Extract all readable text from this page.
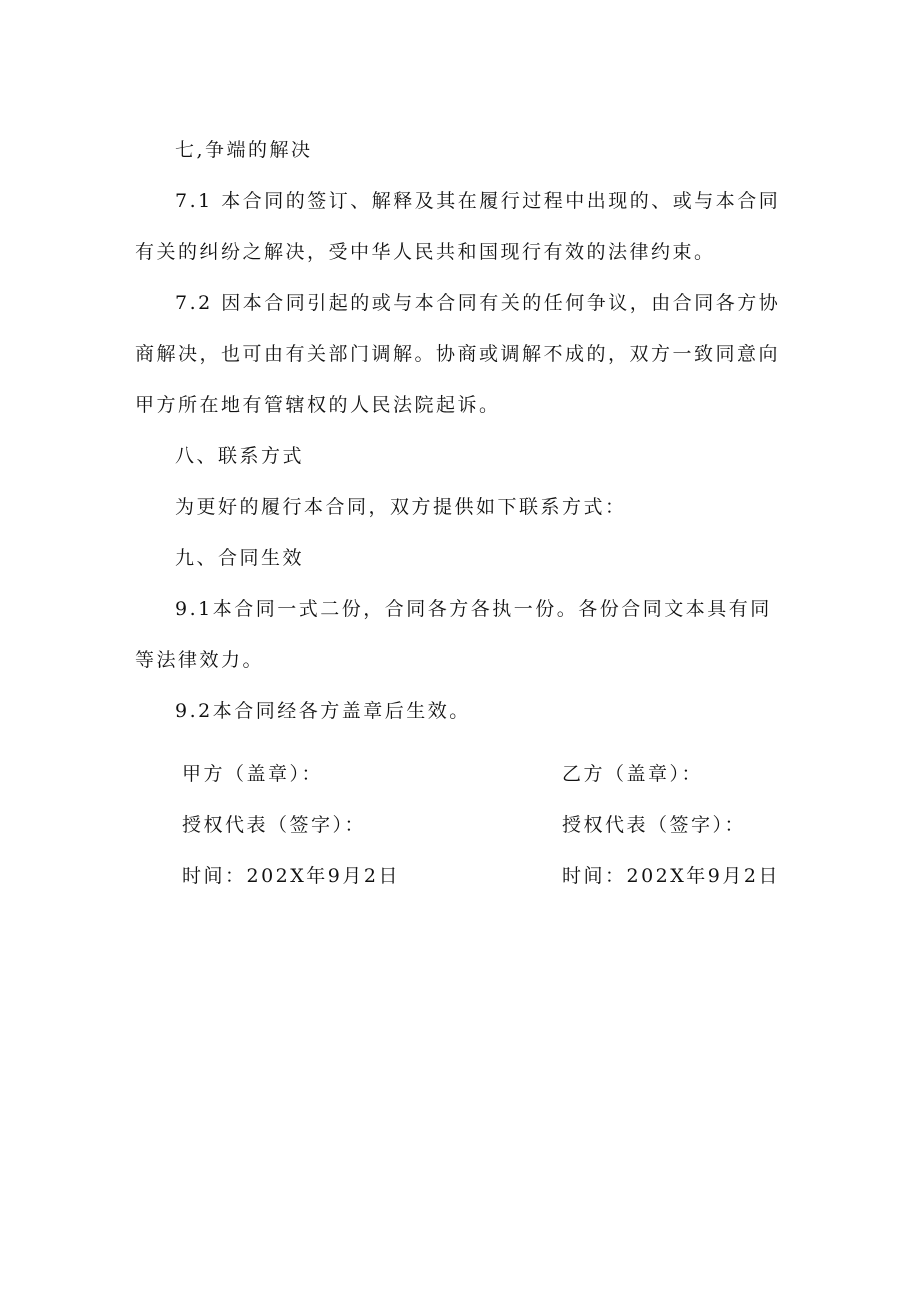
七,争端的解决

7.1 本合同的签订、解释及其在履行过程中出现的、或与本合同有关的纠纷之解决，受中华人民共和国现行有效的法律约束。

7.2 因本合同引起的或与本合同有关的任何争议，由合同各方协商解决，也可由有关部门调解。协商或调解不成的，双方一致同意向甲方所在地有管辖权的人民法院起诉。

八、联系方式

为更好的履行本合同，双方提供如下联系方式：

九、合同生效

9.1本合同一式二份，合同各方各执一份。各份合同文本具有同等法律效力。

9.2本合同经各方盖章后生效。

甲方（盖章）：	乙方（盖章）：
授权代表（签字）：	授权代表（签字）：
时间：202X年9月2日	时间：202X年9月2日
